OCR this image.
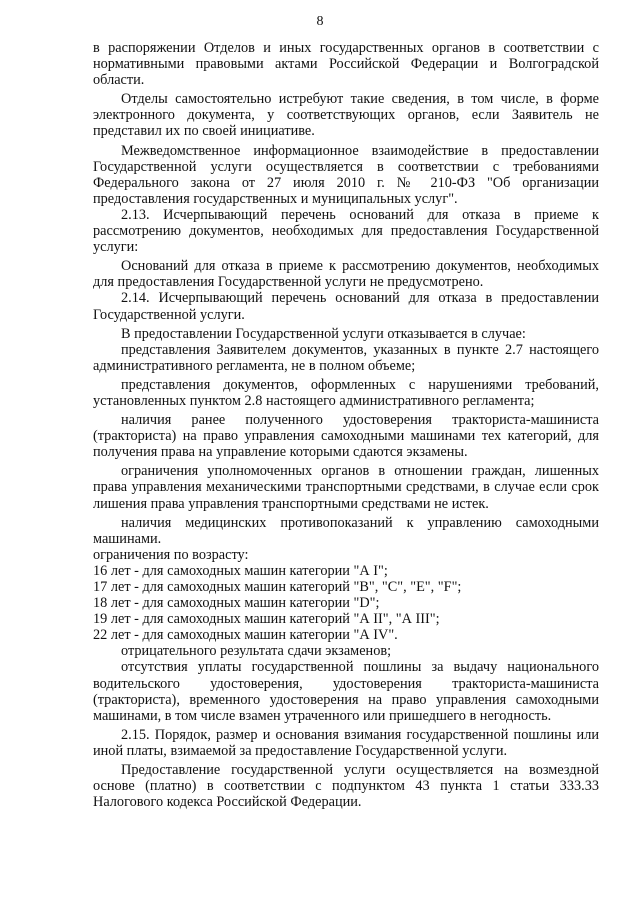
8

в распоряжении Отделов и иных государственных органов в соответствии с нормативными правовыми актами Российской Федерации и Волгоградской области.

Отделы самостоятельно истребуют такие сведения, в том числе, в форме электронного документа, у соответствующих органов, если Заявитель не представил их по своей инициативе.

Межведомственное информационное взаимодействие в предоставлении Государственной услуги осуществляется в соответствии с требованиями Федерального закона от 27 июля 2010 г. № 210-ФЗ "Об организации предоставления государственных и муниципальных услуг".

2.13. Исчерпывающий перечень оснований для отказа в приеме к рассмотрению документов, необходимых для предоставления Государственной услуги:

Оснований для отказа в приеме к рассмотрению документов, необходимых для предоставления Государственной услуги не предусмотрено.

2.14. Исчерпывающий перечень оснований для отказа в предоставлении Государственной услуги.

В предоставлении Государственной услуги отказывается в случае:

представления Заявителем документов, указанных в пункте 2.7 настоящего административного регламента, не в полном объеме;

представления документов, оформленных с нарушениями требований, установленных пунктом 2.8 настоящего административного регламента;

наличия ранее полученного удостоверения тракториста-машиниста (тракториста) на право управления самоходными машинами тех категорий, для получения права на управление которыми сдаются экзамены.

ограничения уполномоченных органов в отношении граждан, лишенных права управления механическими транспортными средствами, в случае если срок лишения права управления транспортными средствами не истек.

наличия медицинских противопоказаний к управлению самоходными машинами.

ограничения по возрасту:

16 лет - для самоходных машин категории "А I";

17 лет - для самоходных машин категорий "В", "С", "Е", "F";

18 лет - для самоходных машин категории "D";

19 лет - для самоходных машин категорий "А II", "А III";

22 лет - для самоходных машин категории "А IV".

отрицательного результата сдачи экзаменов;

отсутствия уплаты государственной пошлины за выдачу национального водительского удостоверения, удостоверения тракториста-машиниста (тракториста), временного удостоверения на право управления самоходными машинами, в том числе взамен утраченного или пришедшего в негодность.

2.15. Порядок, размер и основания взимания государственной пошлины или иной платы, взимаемой за предоставление Государственной услуги.

Предоставление государственной услуги осуществляется на возмездной основе (платно) в соответствии с подпунктом 43 пункта 1 статьи 333.33 Налогового кодекса Российской Федерации.
